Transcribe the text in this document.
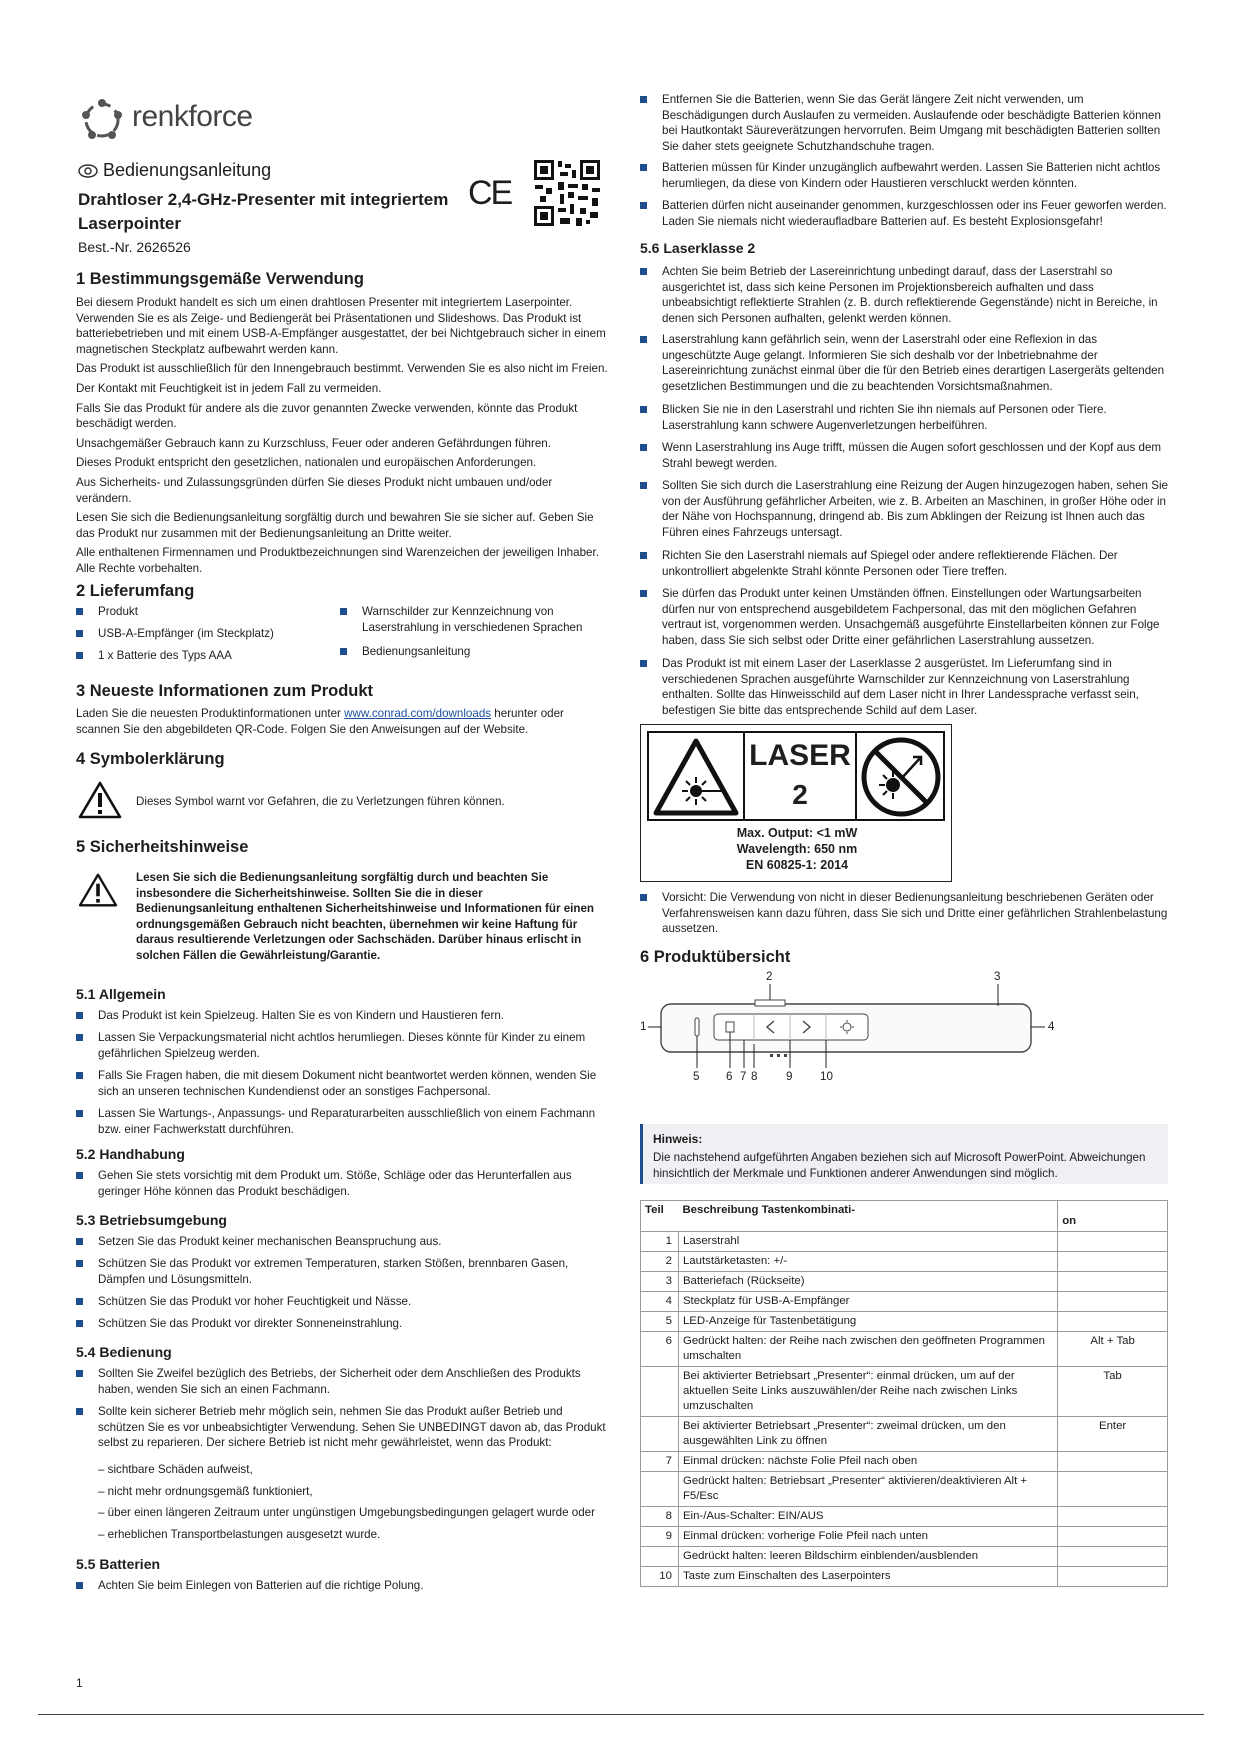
renkforce
Bedienungsanleitung
Drahtloser 2,4-GHz-Presenter mit integriertem
Laserpointer
Best.-Nr. 2626526
CE
1 Bestimmungsgemäße Verwendung

Bei diesem Produkt handelt es sich um einen drahtlosen Presenter mit integriertem Laserpointer. Verwenden Sie es als Zeige- und Bediengerät bei Präsentationen und Slideshows. Das Produkt ist batteriebetrieben und mit einem USB-A-Empfänger ausgestattet, der bei Nichtgebrauch sicher in einem magnetischen Steckplatz aufbewahrt werden kann.

Das Produkt ist ausschließlich für den Innengebrauch bestimmt. Verwenden Sie es also nicht im Freien.

Der Kontakt mit Feuchtigkeit ist in jedem Fall zu vermeiden.

Falls Sie das Produkt für andere als die zuvor genannten Zwecke verwenden, könnte das Produkt beschädigt werden.

Unsachgemäßer Gebrauch kann zu Kurzschluss, Feuer oder anderen Gefährdungen führen.

Dieses Produkt entspricht den gesetzlichen, nationalen und europäischen Anforderungen.

Aus Sicherheits- und Zulassungsgründen dürfen Sie dieses Produkt nicht umbauen und/oder verändern.

Lesen Sie sich die Bedienungsanleitung sorgfältig durch und bewahren Sie sie sicher auf. Geben Sie das Produkt nur zusammen mit der Bedienungsanleitung an Dritte weiter.

Alle enthaltenen Firmennamen und Produktbezeichnungen sind Warenzeichen der jeweiligen Inhaber. Alle Rechte vorbehalten.

2 Lieferumfang
Produkt
USB-A-Empfänger (im Steckplatz)
1 x Batterie des Typs AAA
Warnschilder zur Kennzeichnung von Laserstrahlung in verschiedenen Sprachen
Bedienungsanleitung
3 Neueste Informationen zum Produkt
Laden Sie die neuesten Produktinformationen unter www.conrad.com/downloads herunter oder scannen Sie den abgebildeten QR-Code. Folgen Sie den Anweisungen auf der Website.
4 Symbolerklärung
Dieses Symbol warnt vor Gefahren, die zu Verletzungen führen können.
5 Sicherheitshinweise
Lesen Sie sich die Bedienungsanleitung sorgfältig durch und beachten Sie insbesondere die Sicherheitshinweise. Sollten Sie die in dieser Bedienungsanleitung enthaltenen Sicherheitshinweise und Informationen für einen ordnungsgemäßen Gebrauch nicht beachten, übernehmen wir keine Haftung für daraus resultierende Verletzungen oder Sachschäden. Darüber hinaus erlischt in solchen Fällen die Gewährleistung/Garantie.
5.1 Allgemein
Das Produkt ist kein Spielzeug. Halten Sie es von Kindern und Haustieren fern.
Lassen Sie Verpackungsmaterial nicht achtlos herumliegen. Dieses könnte für Kinder zu einem gefährlichen Spielzeug werden.
Falls Sie Fragen haben, die mit diesem Dokument nicht beantwortet werden können, wenden Sie sich an unseren technischen Kundendienst oder an sonstiges Fachpersonal.
Lassen Sie Wartungs-, Anpassungs- und Reparaturarbeiten ausschließlich von einem Fachmann bzw. einer Fachwerkstatt durchführen.
5.2 Handhabung
Gehen Sie stets vorsichtig mit dem Produkt um. Stöße, Schläge oder das Herunterfallen aus geringer Höhe können das Produkt beschädigen.
5.3 Betriebsumgebung
Setzen Sie das Produkt keiner mechanischen Beanspruchung aus.
Schützen Sie das Produkt vor extremen Temperaturen, starken Stößen, brennbaren Gasen, Dämpfen und Lösungsmitteln.
Schützen Sie das Produkt vor hoher Feuchtigkeit und Nässe.
Schützen Sie das Produkt vor direkter Sonneneinstrahlung.
5.4 Bedienung
Sollten Sie Zweifel bezüglich des Betriebs, der Sicherheit oder dem Anschließen des Produkts haben, wenden Sie sich an einen Fachmann.
Sollte kein sicherer Betrieb mehr möglich sein, nehmen Sie das Produkt außer Betrieb und schützen Sie es vor unbeabsichtigter Verwendung. Sehen Sie UNBEDINGT davon ab, das Produkt selbst zu reparieren. Der sichere Betrieb ist nicht mehr gewährleistet, wenn das Produkt:

– sichtbare Schäden aufweist,

– nicht mehr ordnungsgemäß funktioniert,

– über einen längeren Zeitraum unter ungünstigen Umgebungsbedingungen gelagert wurde oder

– erheblichen Transportbelastungen ausgesetzt wurde.

5.5 Batterien
Achten Sie beim Einlegen von Batterien auf die richtige Polung.
1
Entfernen Sie die Batterien, wenn Sie das Gerät längere Zeit nicht verwenden, um Beschädigungen durch Auslaufen zu vermeiden. Auslaufende oder beschädigte Batterien können bei Hautkontakt Säureverätzungen hervorrufen. Beim Umgang mit beschädigten Batterien sollten Sie daher stets geeignete Schutzhandschuhe tragen.
Batterien müssen für Kinder unzugänglich aufbewahrt werden. Lassen Sie Batterien nicht achtlos herumliegen, da diese von Kindern oder Haustieren verschluckt werden könnten.
Batterien dürfen nicht auseinander genommen, kurzgeschlossen oder ins Feuer geworfen werden. Laden Sie niemals nicht wiederaufladbare Batterien auf. Es besteht Explosionsgefahr!
5.6 Laserklasse 2
Achten Sie beim Betrieb der Lasereinrichtung unbedingt darauf, dass der Laserstrahl so ausgerichtet ist, dass sich keine Personen im Projektionsbereich aufhalten und dass unbeabsichtigt reflektierte Strahlen (z. B. durch reflektierende Gegenstände) nicht in Bereiche, in denen sich Personen aufhalten, gelenkt werden können.
Laserstrahlung kann gefährlich sein, wenn der Laserstrahl oder eine Reflexion in das ungeschützte Auge gelangt. Informieren Sie sich deshalb vor der Inbetriebnahme der Lasereinrichtung zunächst einmal über die für den Betrieb eines derartigen Lasergeräts geltenden gesetzlichen Bestimmungen und die zu beachtenden Vorsichtsmaßnahmen.
Blicken Sie nie in den Laserstrahl und richten Sie ihn niemals auf Personen oder Tiere. Laserstrahlung kann schwere Augenverletzungen herbeiführen.
Wenn Laserstrahlung ins Auge trifft, müssen die Augen sofort geschlossen und der Kopf aus dem Strahl bewegt werden.
Sollten Sie sich durch die Laserstrahlung eine Reizung der Augen hinzugezogen haben, sehen Sie von der Ausführung gefährlicher Arbeiten, wie z. B. Arbeiten an Maschinen, in großer Höhe oder in der Nähe von Hochspannung, dringend ab. Bis zum Abklingen der Reizung ist Ihnen auch das Führen eines Fahrzeugs untersagt.
Richten Sie den Laserstrahl niemals auf Spiegel oder andere reflektierende Flächen. Der unkontrolliert abgelenkte Strahl könnte Personen oder Tiere treffen.
Sie dürfen das Produkt unter keinen Umständen öffnen. Einstellungen oder Wartungsarbeiten dürfen nur von entsprechend ausgebildetem Fachpersonal, das mit den möglichen Gefahren vertraut ist, vorgenommen werden. Unsachgemäß ausgeführte Einstellarbeiten können zur Folge haben, dass Sie sich selbst oder Dritte einer gefährlichen Laserstrahlung aussetzen.
Das Produkt ist mit einem Laser der Laserklasse 2 ausgerüstet. Im Lieferumfang sind in verschiedenen Sprachen ausgeführte Warnschilder zur Kennzeichnung von Laserstrahlung enthalten. Sollte das Hinweisschild auf dem Laser nicht in Ihrer Landessprache verfasst sein, befestigen Sie bitte das entsprechende Schild auf dem Laser.
LASER
2
Max. Output: <1 mW
Wavelength: 650 nm
EN 60825-1: 2014
Vorsicht: Die Verwendung von nicht in dieser Bedienungsanleitung beschriebenen Geräten oder Verfahrensweisen kann dazu führen, dass Sie sich und Dritte einer gefährlichen Strahlenbelastung aussetzen.
6 Produktübersicht
1
2	3
4
5 6 7 8 9 10
Hinweis:
Die nachstehend aufgeführten Angaben beziehen sich auf Microsoft PowerPoint. Abweichungen hinsichtlich der Merkmale und Funktionen anderer Anwendungen sind möglich.
Teil	Beschreibung Tastenkombinati-	on
1	Laserstrahl	
2	Lautstärketasten: +/-	
3	Batteriefach (Rückseite)	
4	Steckplatz für USB-A-Empfänger	
5	LED-Anzeige für Tastenbetätigung	
6	Gedrückt halten: der Reihe nach zwischen den geöffneten Programmen umschalten	Alt + Tab
	Bei aktivierter Betriebsart „Presenter“: einmal drücken, um auf der aktuellen Seite Links auszuwählen/der Reihe nach zwischen Links umzuschalten	Tab
	Bei aktivierter Betriebsart „Presenter“: zweimal drücken, um den ausgewählten Link zu öffnen	Enter
7	Einmal drücken: nächste Folie Pfeil nach oben	
	Gedrückt halten: Betriebsart „Presenter“ aktivieren/deaktivieren Alt + F5/Esc	
8	Ein-/Aus-Schalter: EIN/AUS	
9	Einmal drücken: vorherige Folie Pfeil nach unten	
	Gedrückt halten: leeren Bildschirm einblenden/ausblenden	
10	Taste zum Einschalten des Laserpointers	
